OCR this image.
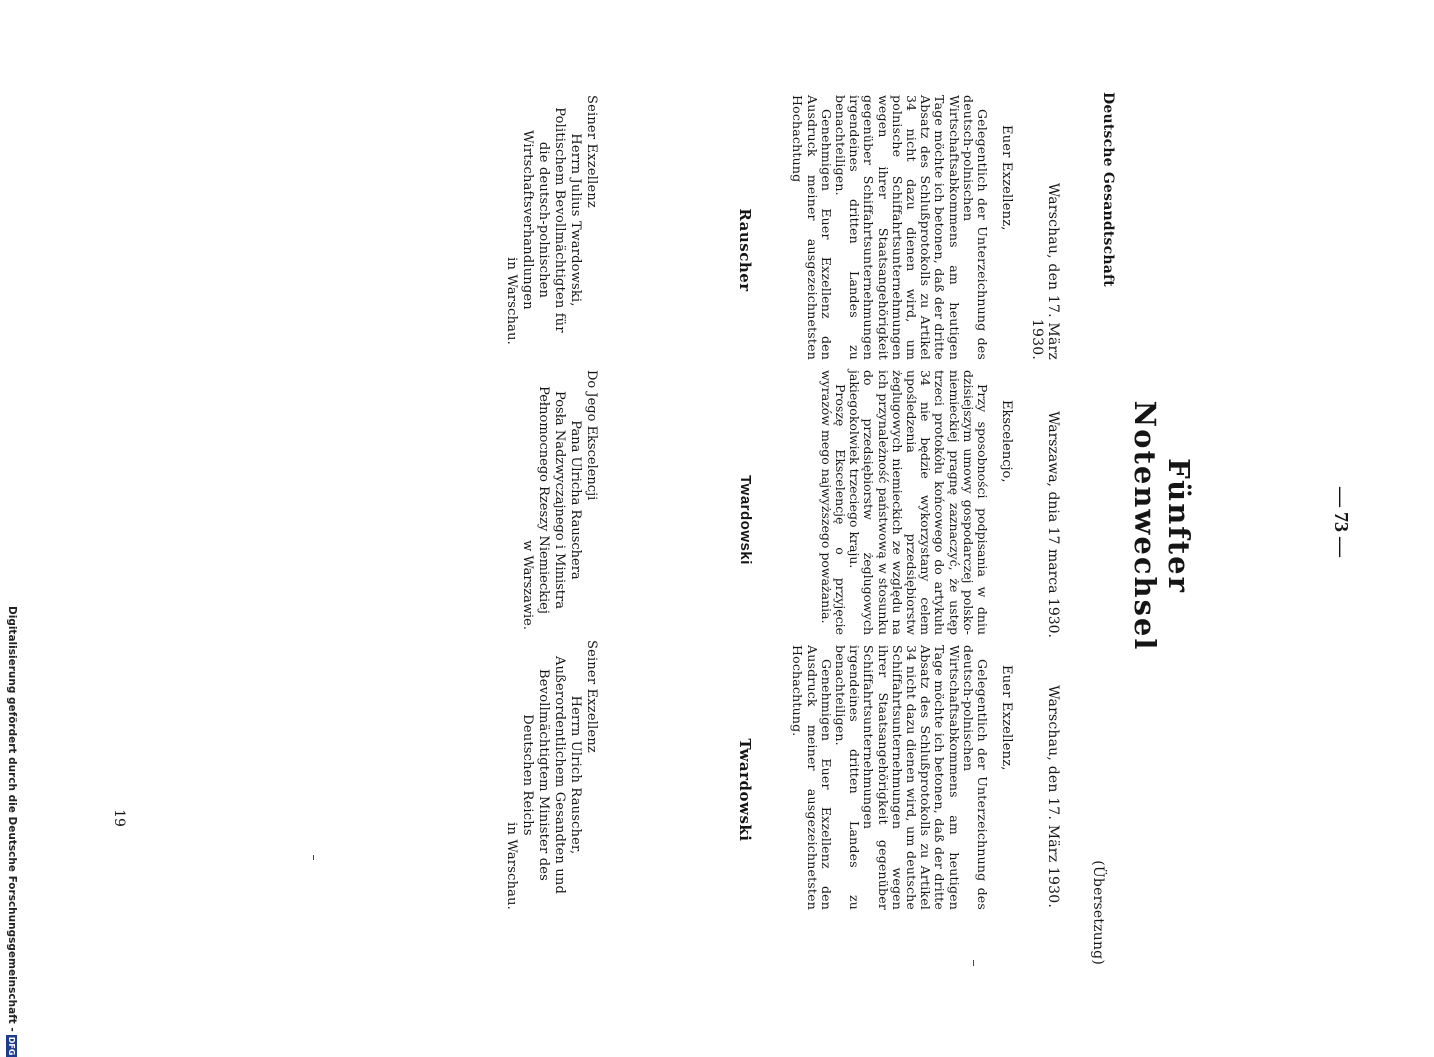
— 73 —
Fünfter Notenwechsel
Deutsche Gesandtschaft
Warschau, den 17. März 1930.
Euer Exzellenz,

Gelegentlich der Unterzeichnung des deutsch-polnischen Wirtschaftsabkommens am heutigen Tage möchte ich betonen, daß der dritte Absatz des Schlußprotokolls zu Artikel 34 nicht dazu dienen wird, um polnische Schiffahrtsunternehmungen wegen ihrer Staatsangehörigkeit gegenüber Schiffahrtsunternehmungen irgendeines dritten Landes zu benachteiligen.

Genehmigen Euer Exzellenz den Ausdruck meiner ausgezeichnetsten Hochachtung

Rauscher
Seiner Exzellenz
Herrn Julius Twardowski,
Politischem Bevollmächtigten für die deutsch-polnischen Wirtschaftsverhandlungen
in Warschau.
Warszawa, dnia 17 marca 1930.
Ekscelencjo,

Przy sposobności podpisania w dniu dzisiejszym umowy gospodarczej polsko-niemieckiej pragnę zaznaczyć, że ustęp trzeci protokółu końcowego do artykułu 34 nie będzie wykorzystany celem upośledzenia przedsiębiorstw żeglugowych niemieckich ze względu na ich przynależność państwową w stosunku do przedsiębiorstw żeglugowych jakiegokolwiek trzeciego kraju.

Proszę Ekscelencję o przyjęcie wyrazów mego najwyższego poważania.

Twardowski
Do Jego Ekscelencji
Pana Ulricha Rauschera
Posła Nadzwyczajnego i Ministra Pełnomocnego Rzeszy Niemieckiej
w Warszawie.
(Übersetzung)
Warschau, den 17. März 1930.
Euer Exzellenz,

Gelegentlich der Unterzeichnung des deutsch-polnischen Wirtschaftsabkommens am heutigen Tage möchte ich betonen, daß der dritte Absatz des Schlußprotokolls zu Artikel 34 nicht dazu dienen wird, um deutsche Schiffahrtsunternehmungen wegen ihrer Staatsangehörigkeit gegenüber Schiffahrtsunternehmungen irgendeines dritten Landes zu benachteiligen.

Genehmigen Euer Exzellenz den Ausdruck meiner ausgezeichnetsten Hochachtung.

Twardowski
Seiner Exzellenz
Herrn Ulrich Rauscher,
Außerordentlichem Gesandten und Bevollmächtigtem Minister des Deutschen Reichs
in Warschau.
19
Digitalisierung gefördert durch die Deutsche Forschungsgemeinschaft -DFG
